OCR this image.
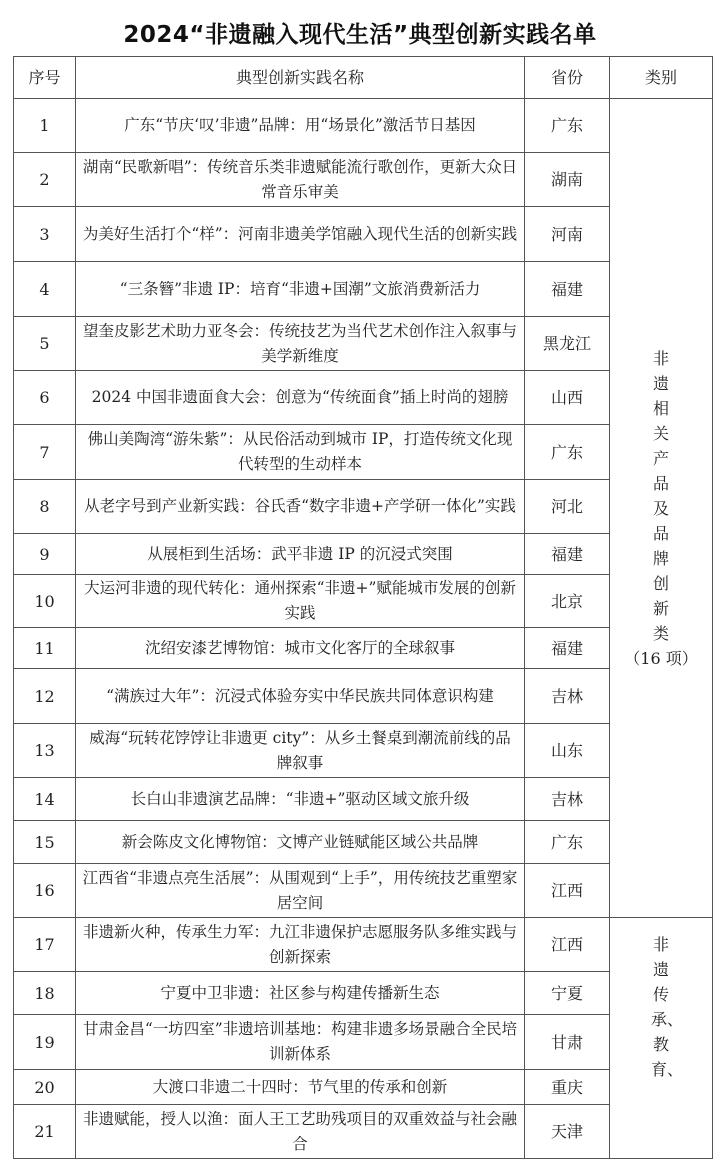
2024“非遗融入现代生活”典型创新实践名单
序号	典型创新实践名称	省份	类别
1	广东“节庆‘叹’非遗”品牌：用“场景化”激活节日基因	广东	非遗相关产品及品牌创新类
（16 项）
2	湖南“民歌新唱”：传统音乐类非遗赋能流行歌创作，更新大众日常音乐审美	湖南	
3	为美好生活打个“样”：河南非遗美学馆融入现代生活的创新实践	河南	
4	“三条簪”非遗 IP：培育“非遗+国潮”文旅消费新活力	福建	
5	望奎皮影艺术助力亚冬会：传统技艺为当代艺术创作注入叙事与美学新维度	黑龙江	
6	2024 中国非遗面食大会：创意为“传统面食”插上时尚的翅膀	山西	
7	佛山美陶湾“游朱紫”：从民俗活动到城市 IP，打造传统文化现代转型的生动样本	广东	
8	从老字号到产业新实践：谷氏香“数字非遗+产学研一体化”实践	河北	
9	从展柜到生活场：武平非遗 IP 的沉浸式突围	福建	
10	大运河非遗的现代转化：通州探索“非遗+”赋能城市发展的创新实践	北京	
11	沈绍安漆艺博物馆：城市文化客厅的全球叙事	福建	
12	“满族过大年”：沉浸式体验夯实中华民族共同体意识构建	吉林	
13	威海“玩转花饽饽让非遗更 city”：从乡土餐桌到潮流前线的品牌叙事	山东	
14	长白山非遗演艺品牌：“非遗+”驱动区域文旅升级	吉林	
15	新会陈皮文化博物馆：文博产业链赋能区域公共品牌	广东	
16	江西省“非遗点亮生活展”：从围观到“上手”，用传统技艺重塑家居空间	江西	
17	非遗新火种，传承生力军：九江非遗保护志愿服务队多维实践与创新探索	江西	非遗传承、教育、
18	宁夏中卫非遗：社区参与构建传播新生态	宁夏	
19	甘肃金昌“一坊四室”非遗培训基地：构建非遗多场景融合全民培训新体系	甘肃	
20	大渡口非遗二十四时：节气里的传承和创新	重庆	
21	非遗赋能，授人以渔：面人王工艺助残项目的双重效益与社会融合	天津	
